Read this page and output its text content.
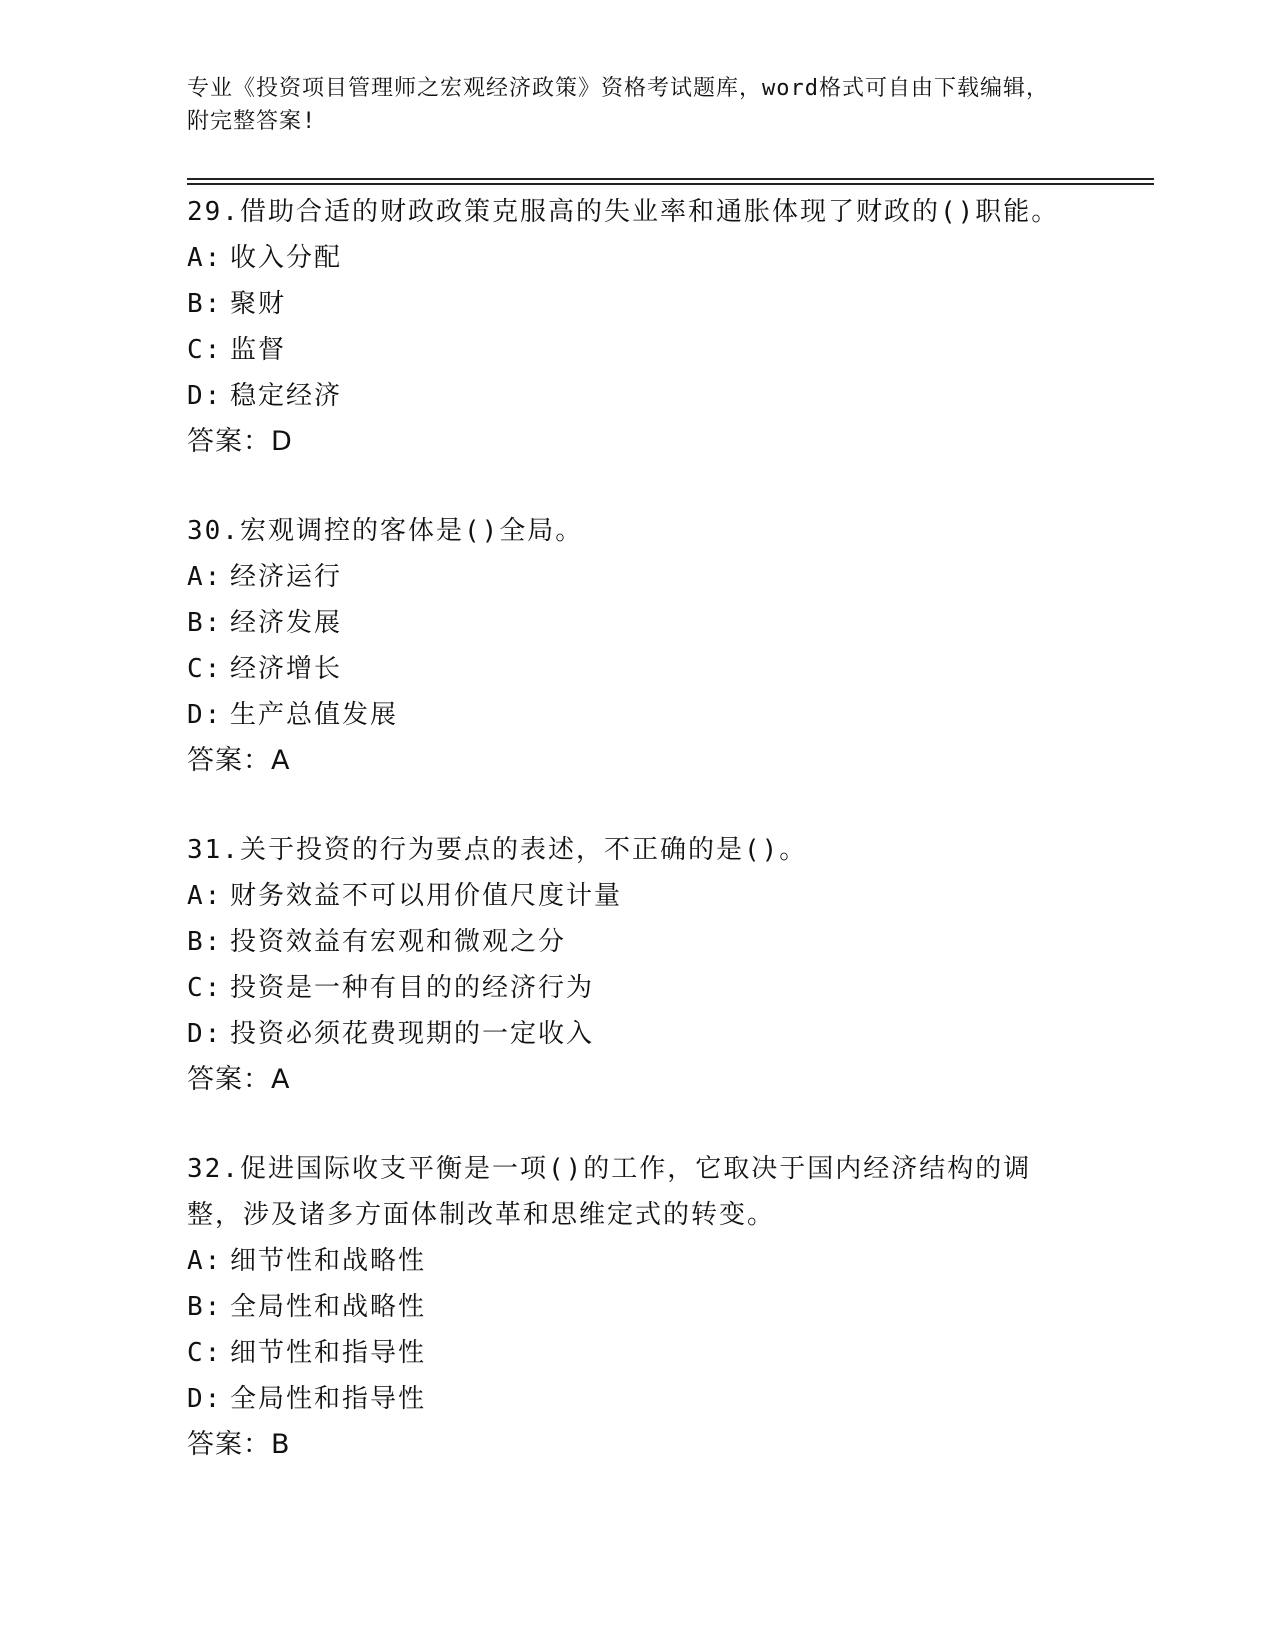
专业《投资项目管理师之宏观经济政策》资格考试题库，word格式可自由下载编辑，附完整答案!

29.借助合适的财政政策克服高的失业率和通胀体现了财政的()职能。

A: 收入分配

B: 聚财

C: 监督

D: 稳定经济

答案：D

30.宏观调控的客体是()全局。

A: 经济运行

B: 经济发展

C: 经济增长

D: 生产总值发展

答案：A

31.关于投资的行为要点的表述，不正确的是()。

A: 财务效益不可以用价值尺度计量

B: 投资效益有宏观和微观之分

C: 投资是一种有目的的经济行为

D: 投资必须花费现期的一定收入

答案：A

32.促进国际收支平衡是一项()的工作，它取决于国内经济结构的调整，涉及诸多方面体制改革和思维定式的转变。

A: 细节性和战略性

B: 全局性和战略性

C: 细节性和指导性

D: 全局性和指导性

答案：B
